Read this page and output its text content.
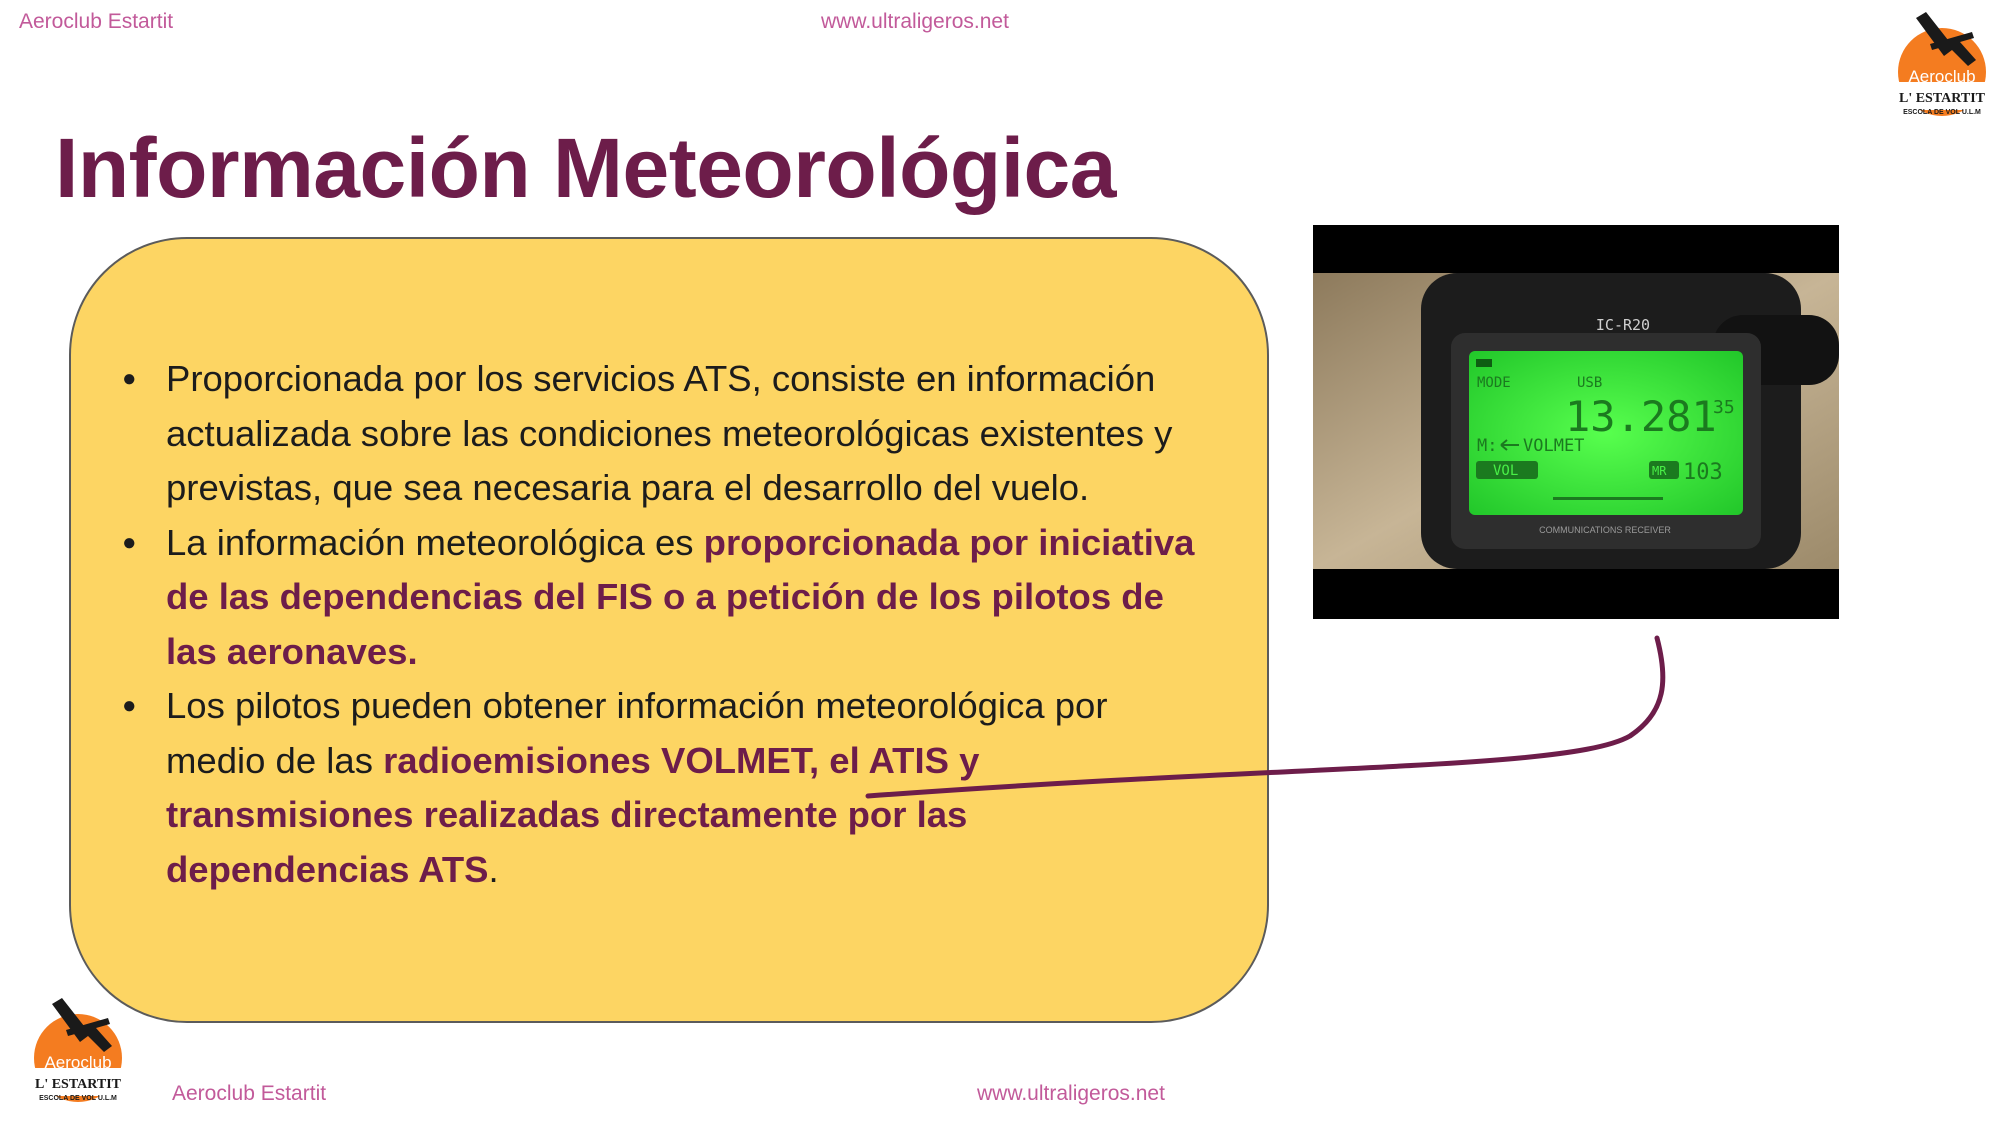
Aeroclub Estartit	www.ultraligeros.net
Aeroclub
L' ESTARTIT
ESCOLA DE VOL U.L.M
Información Meteorológica
● Proporcionada por los servicios ATS, consiste en información actualizada sobre las condiciones meteorológicas existentes y previstas, que sea necesaria para el desarrollo del vuelo.
● La información meteorológica es proporcionada por iniciativa de las dependencias del FIS o a petición de los pilotos de las aeronaves.
● Los pilotos pueden obtener información meteorológica por medio de las radioemisiones VOLMET, el ATIS y transmisiones realizadas directamente por las dependencias ATS.
IC-R20
MODE	USB
13.281
35
M: VOLMET
VOL	MR 103
COMMUNICATIONS RECEIVER
Aeroclub
L' ESTARTIT
ESCOLA DE VOL U.L.M	Aeroclub Estartit	www.ultraligeros.net
